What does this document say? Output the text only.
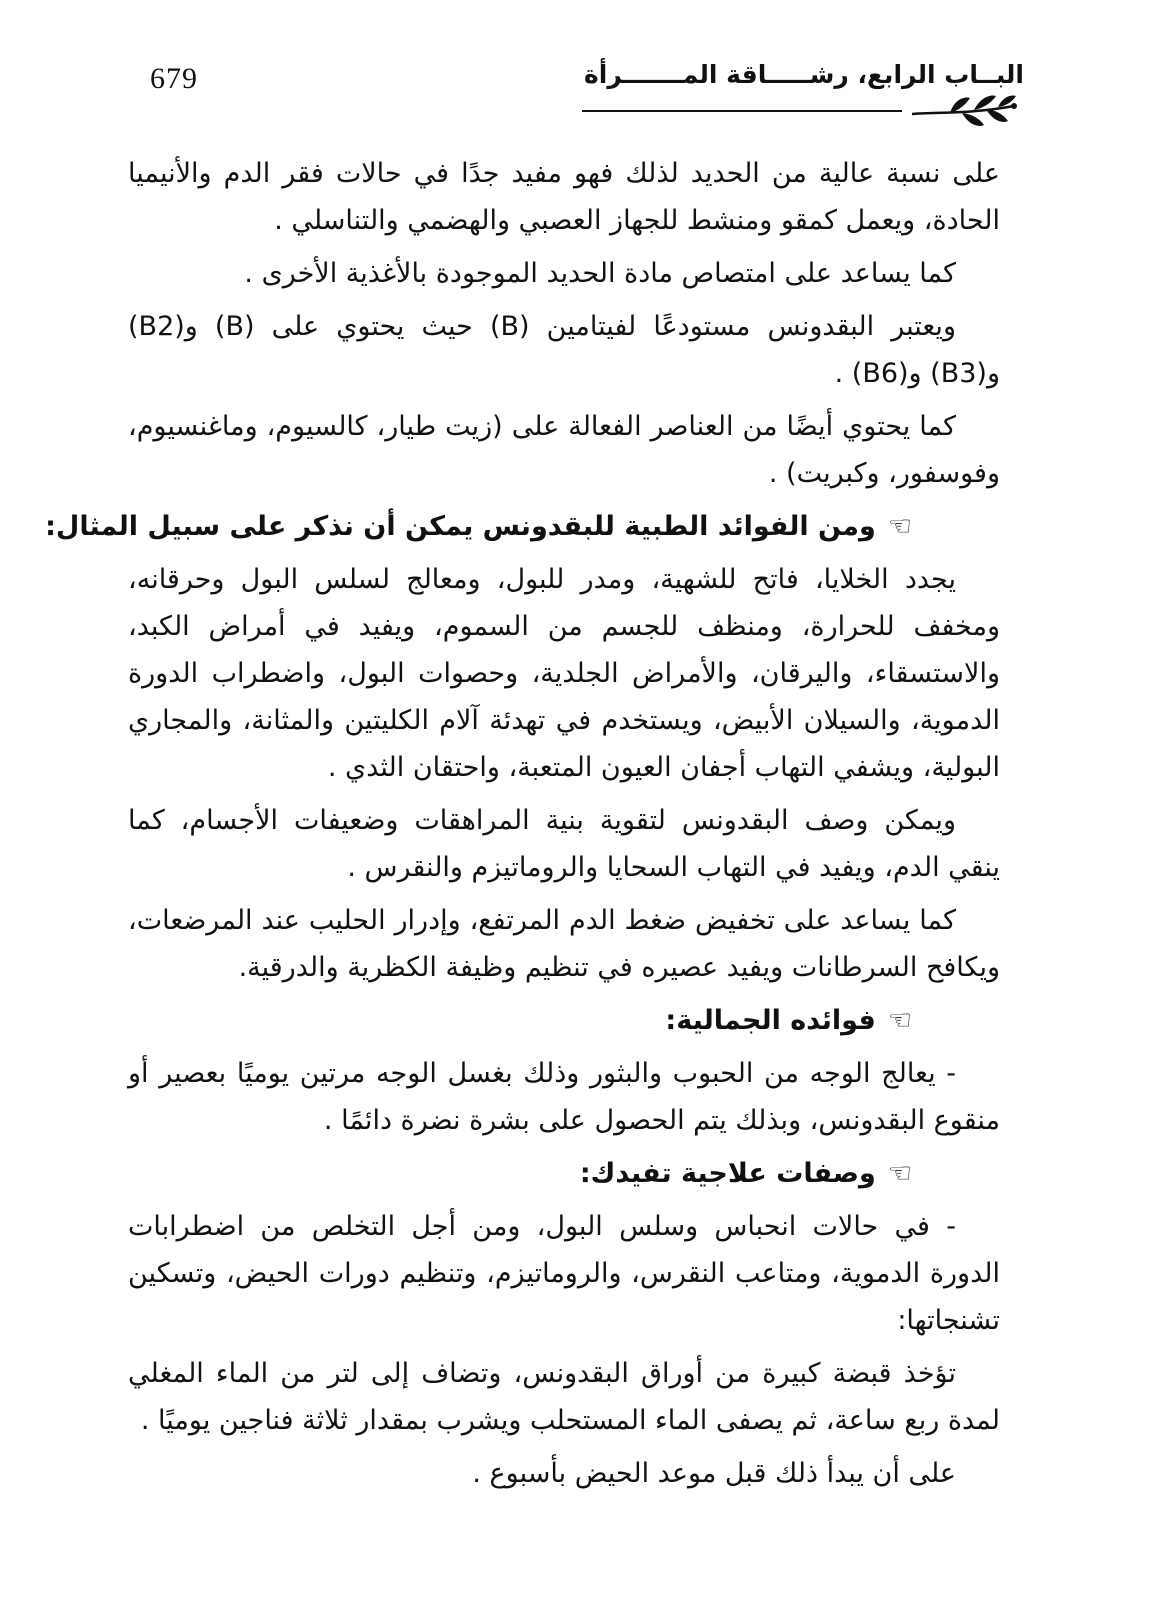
679	البــاب الرابع، رشـــــاقة المـــــــرأة

على نسبة عالية من الحديد لذلك فهو مفيد جدًا في حالات فقر الدم والأنيميا الحادة، ويعمل كمقو ومنشط للجهاز العصبي والهضمي والتناسلي .

كما يساعد على امتصاص مادة الحديد الموجودة بالأغذية الأخرى .

ويعتبر البقدونس مستودعًا لفيتامين (B) حيث يحتوي على (B) و(B2) و(B3) و(B6) .

كما يحتوي أيضًا من العناصر الفعالة على (زيت طيار، كالسيوم، وماغنسيوم، وفوسفور، وكبريت) .

☜ومن الفوائد الطبية للبقدونس يمكن أن نذكر على سبيل المثال:

يجدد الخلايا، فاتح للشهية، ومدر للبول، ومعالج لسلس البول وحرقانه، ومخفف للحرارة، ومنظف للجسم من السموم، ويفيد في أمراض الكبد، والاستسقاء، واليرقان، والأمراض الجلدية، وحصوات البول، واضطراب الدورة الدموية، والسيلان الأبيض، ويستخدم في تهدئة آلام الكليتين والمثانة، والمجاري البولية، ويشفي التهاب أجفان العيون المتعبة، واحتقان الثدي .

ويمكن وصف البقدونس لتقوية بنية المراهقات وضعيفات الأجسام، كما ينقي الدم، ويفيد في التهاب السحايا والروماتيزم والنقرس .

كما يساعد على تخفيض ضغط الدم المرتفع، وإدرار الحليب عند المرضعات، ويكافح السرطانات ويفيد عصيره في تنظيم وظيفة الكظرية والدرقية.

☜فوائده الجمالية:

- يعالج الوجه من الحبوب والبثور وذلك بغسل الوجه مرتين يوميًا بعصير أو منقوع البقدونس، وبذلك يتم الحصول على بشرة نضرة دائمًا .

☜وصفات علاجية تفيدك:

- في حالات انحباس وسلس البول، ومن أجل التخلص من اضطرابات الدورة الدموية، ومتاعب النقرس، والروماتيزم، وتنظيم دورات الحيض، وتسكين تشنجاتها:

تؤخذ قبضة كبيرة من أوراق البقدونس، وتضاف إلى لتر من الماء المغلي لمدة ربع ساعة، ثم يصفى الماء المستحلب ويشرب بمقدار ثلاثة فناجين يوميًا .

على أن يبدأ ذلك قبل موعد الحيض بأسبوع .
